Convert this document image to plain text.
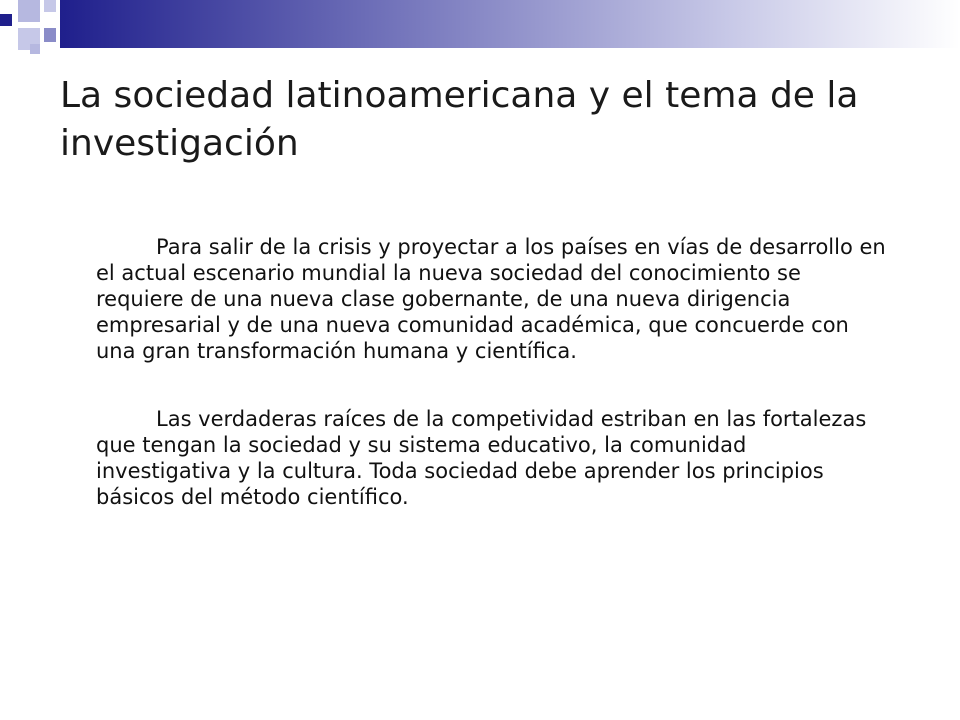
La sociedad latinoamericana y el tema de la investigación

Para salir de la crisis y proyectar a los países en vías de desarrollo en el actual escenario mundial la nueva sociedad del conocimiento se requiere de una nueva clase gobernante, de una nueva dirigencia empresarial y de una nueva comunidad académica, que concuerde con una gran transformación humana y científica.

Las verdaderas raíces de la competividad estriban en las fortalezas que tengan la sociedad y su sistema educativo, la comunidad investigativa y la cultura. Toda sociedad debe aprender los principios básicos del método científico.
